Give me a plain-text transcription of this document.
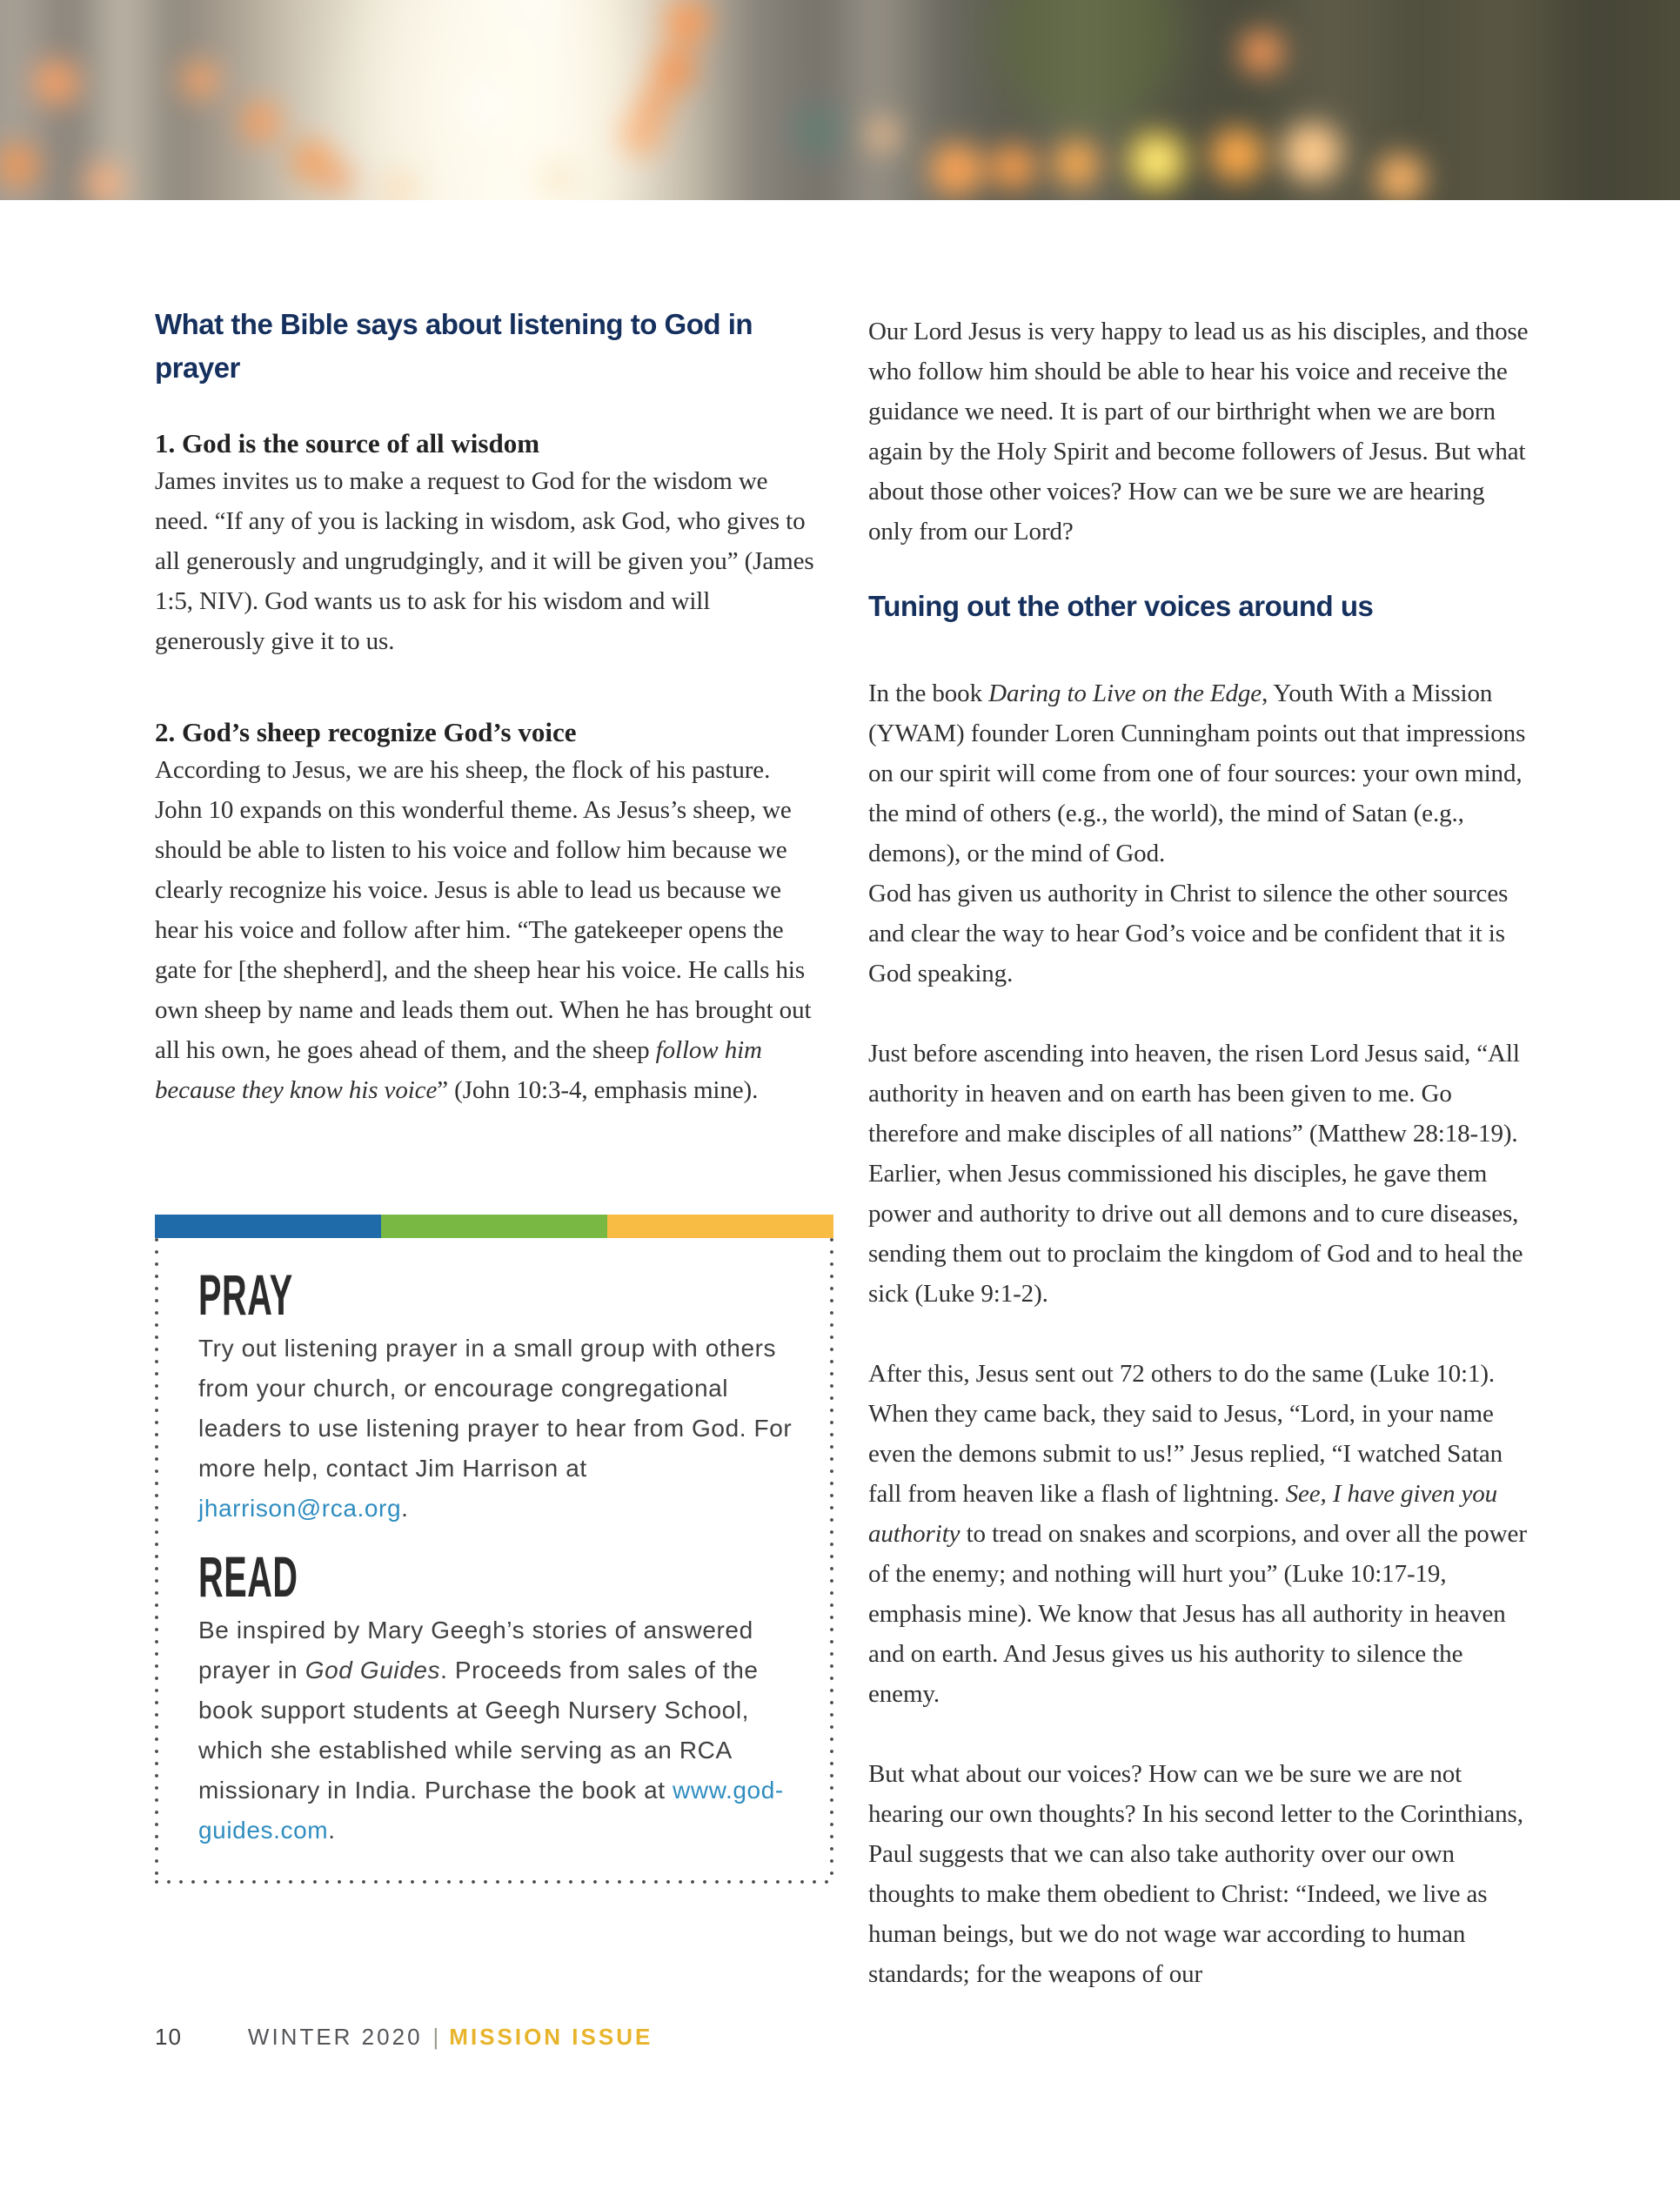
What the Bible says about listening to God in prayer
1. God is the source of all wisdom

James invites us to make a request to God for the wisdom we need. “If any of you is lacking in wisdom, ask God, who gives to all generously and ungrudgingly, and it will be given you” (James 1:5, NIV). God wants us to ask for his wisdom and will generously give it to us.

2. God’s sheep recognize God’s voice

According to Jesus, we are his sheep, the flock of his pasture. John 10 expands on this wonderful theme. As Jesus’s sheep, we should be able to listen to his voice and follow him because we clearly recognize his voice. Jesus is able to lead us because we hear his voice and follow after him. “The gatekeeper opens the gate for [the shepherd], and the sheep hear his voice. He calls his own sheep by name and leads them out. When he has brought out all his own, he goes ahead of them, and the sheep follow him because they know his voice” (John 10:3-4, emphasis mine).

PRAY

Try out listening prayer in a small group with others from your church, or encourage congregational leaders to use listening prayer to hear from God. For more help, contact Jim Harrison at jharrison@rca.org.

READ

Be inspired by Mary Geegh’s stories of answered prayer in God Guides. Proceeds from sales of the book support students at Geegh Nursery School, which she established while serving as an RCA missionary in India. Purchase the book at www.god-guides.com.

Our Lord Jesus is very happy to lead us as his disciples, and those who follow him should be able to hear his voice and receive the guidance we need. It is part of our birthright when we are born again by the Holy Spirit and become followers of Jesus. But what about those other voices? How can we be sure we are hearing only from our Lord?

Tuning out the other voices around us

In the book Daring to Live on the Edge, Youth With a Mission (YWAM) founder Loren Cunningham points out that impressions on our spirit will come from one of four sources: your own mind, the mind of others (e.g., the world), the mind of Satan (e.g., demons), or the mind of God.
God has given us authority in Christ to silence the other sources and clear the way to hear God’s voice and be confident that it is God speaking.

Just before ascending into heaven, the risen Lord Jesus said, “All authority in heaven and on earth has been given to me. Go therefore and make disciples of all nations” (Matthew 28:18-19). Earlier, when Jesus commissioned his disciples, he gave them power and authority to drive out all demons and to cure diseases, sending them out to proclaim the kingdom of God and to heal the sick (Luke 9:1-2).

After this, Jesus sent out 72 others to do the same (Luke 10:1). When they came back, they said to Jesus, “Lord, in your name even the demons submit to us!” Jesus replied, “I watched Satan fall from heaven like a flash of lightning. See, I have given you authority to tread on snakes and scorpions, and over all the power of the enemy; and nothing will hurt you” (Luke 10:17-19, emphasis mine). We know that Jesus has all authority in heaven and on earth. And Jesus gives us his authority to silence the enemy.

But what about our voices? How can we be sure we are not hearing our own thoughts? In his second letter to the Corinthians, Paul suggests that we can also take authority over our own thoughts to make them obedient to Christ: “Indeed, we live as human beings, but we do not wage war according to human standards; for the weapons of our

10	WINTER 2020 | MISSION ISSUE
